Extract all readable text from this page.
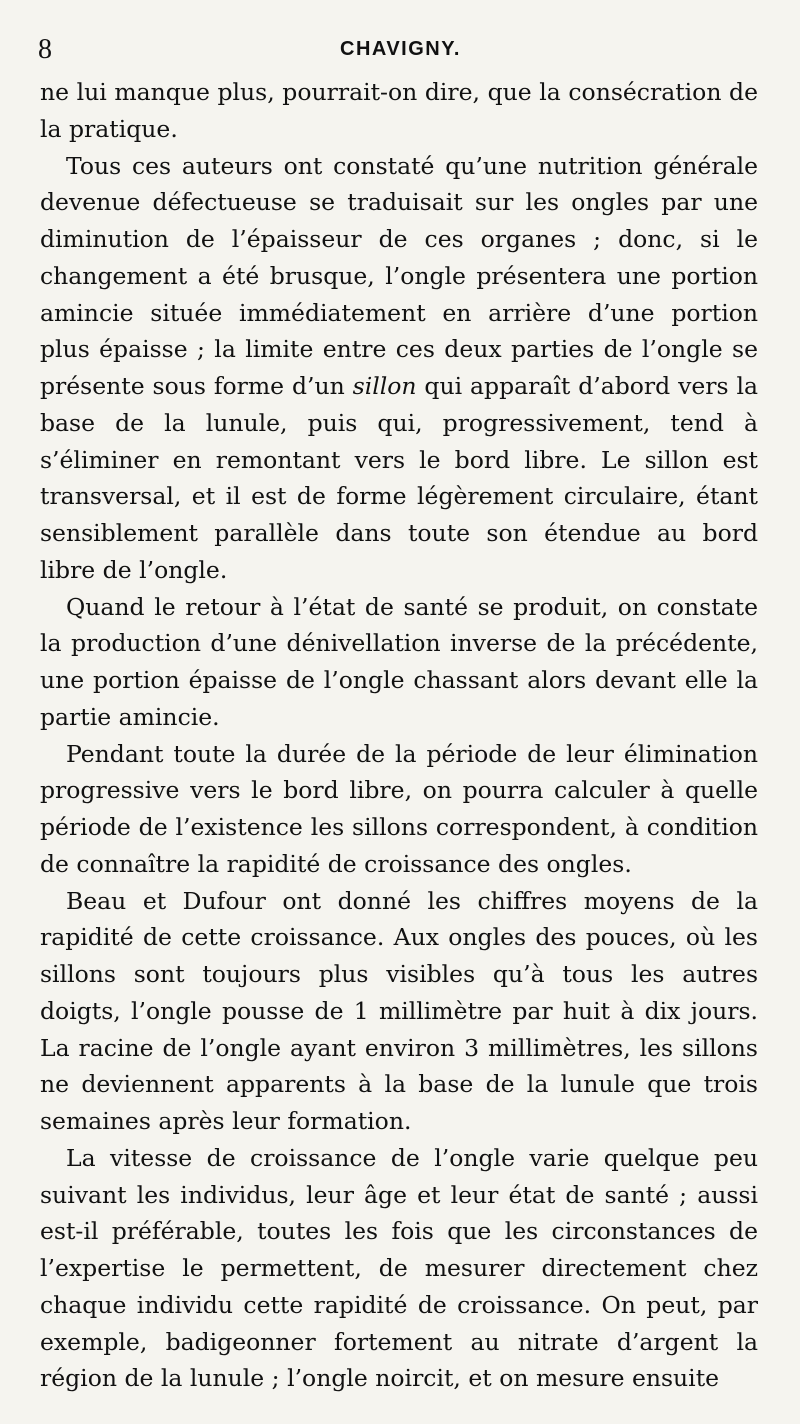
8	CHAVIGNY.

ne lui manque plus, pourrait-on dire, que la consécration de la pratique.

Tous ces auteurs ont constaté qu’une nutrition générale devenue défectueuse se traduisait sur les ongles par une diminution de l’épaisseur de ces organes ; donc, si le changement a été brusque, l’ongle présentera une portion amincie située immédiatement en arrière d’une portion plus épaisse ; la limite entre ces deux parties de l’ongle se présente sous forme d’un sillon qui apparaît d’abord vers la base de la lunule, puis qui, progressivement, tend à s’éliminer en remontant vers le bord libre. Le sillon est transversal, et il est de forme légèrement circulaire, étant sensiblement parallèle dans toute son étendue au bord libre de l’ongle.

Quand le retour à l’état de santé se produit, on constate la production d’une dénivellation inverse de la précédente, une portion épaisse de l’ongle chassant alors devant elle la partie amincie.

Pendant toute la durée de la période de leur élimination progressive vers le bord libre, on pourra calculer à quelle période de l’existence les sillons correspondent, à condition de connaître la rapidité de croissance des ongles.

Beau et Dufour ont donné les chiffres moyens de la rapidité de cette croissance. Aux ongles des pouces, où les sillons sont toujours plus visibles qu’à tous les autres doigts, l’ongle pousse de 1 millimètre par huit à dix jours. La racine de l’ongle ayant environ 3 millimètres, les sillons ne deviennent apparents à la base de la lunule que trois semaines après leur formation.

La vitesse de croissance de l’ongle varie quelque peu suivant les individus, leur âge et leur état de santé ; aussi est-il préférable, toutes les fois que les circonstances de l’expertise le permettent, de mesurer directement chez chaque individu cette rapidité de croissance. On peut, par exemple, badigeonner fortement au nitrate d’argent la région de la lunule ; l’ongle noircit, et on mesure ensuite
